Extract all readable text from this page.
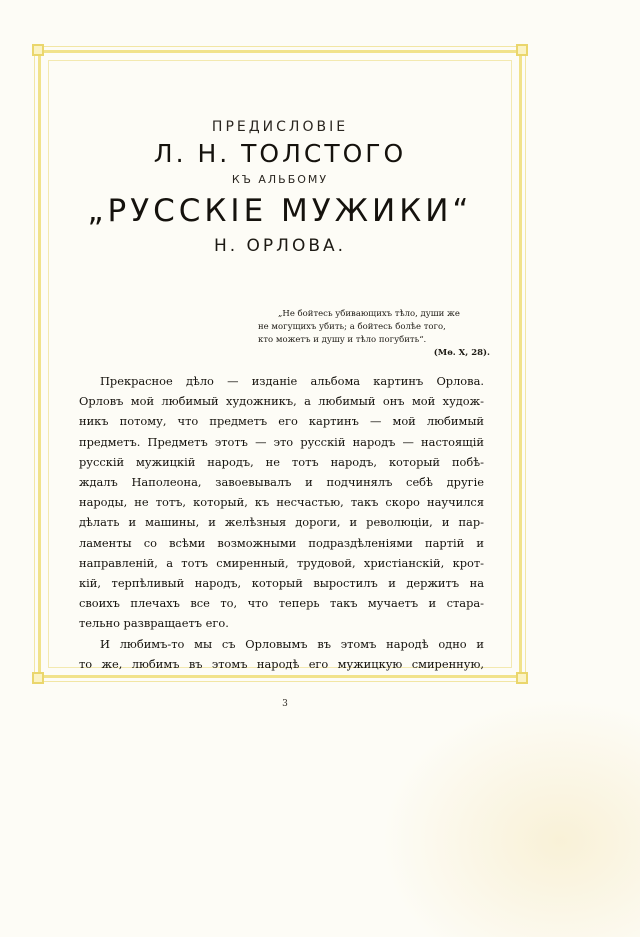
ПРЕДИСЛОВІЕ

Л. Н. ТОЛСТОГО

КЪ АЛЬБОМУ

„РУССКІЕ МУЖИКИ“

Н. ОРЛОВА.

„Не бойтесь убивающихъ тѣло, души же
не могущихъ убить; а бойтесь болѣе того,
кто можетъ и душу и тѣло погубить“.
(Мѳ. X, 28).
Прекрасное дѣло — изданіе альбома картинъ Орлова.
Орловъ мой любимый художникъ, а любимый онъ мой худож-
никъ потому, что предметъ его картинъ — мой любимый
предметъ. Предметъ этотъ — это русскій народъ — настоящій
русскій мужицкій народъ, не тотъ народъ, который побѣ-
ждалъ Наполеона, завоевывалъ и подчинялъ себѣ другіе
народы, не тотъ, который, къ несчастью, такъ скоро научился
дѣлать и машины, и желѣзныя дороги, и революціи, и пар-
ламенты со всѣми возможными подраздѣленіями партій и
направленій, а тотъ смиренный, трудовой, христіанскій, крот-
кій, терпѣливый народъ, который выростилъ и держитъ на
своихъ плечахъ все то, что теперь такъ мучаетъ и старa-
тельно развращаетъ его.
И любимъ-то мы съ Орловымъ въ этомъ народѣ одно и
то же, любимъ въ этомъ народѣ его мужицкую смиренную,
3
